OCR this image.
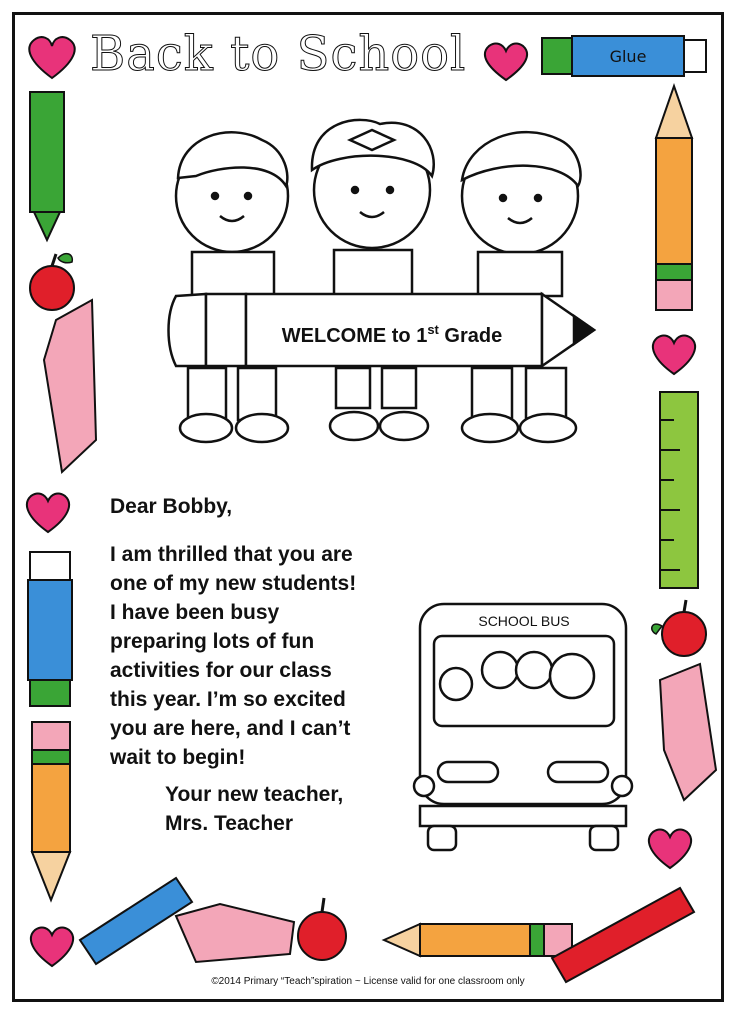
Glue
WELCOME to 1st Grade
SCHOOL BUS
Back to School
Dear Bobby,
I am thrilled that you are
one of my new students!
I have been busy
preparing lots of fun
activities for our class
this year. I’m so excited
you are here, and I can’t
wait to begin!
Your new teacher,
Mrs. Teacher
©2014 Primary “Teach”spiration ~ License valid for one classroom only
